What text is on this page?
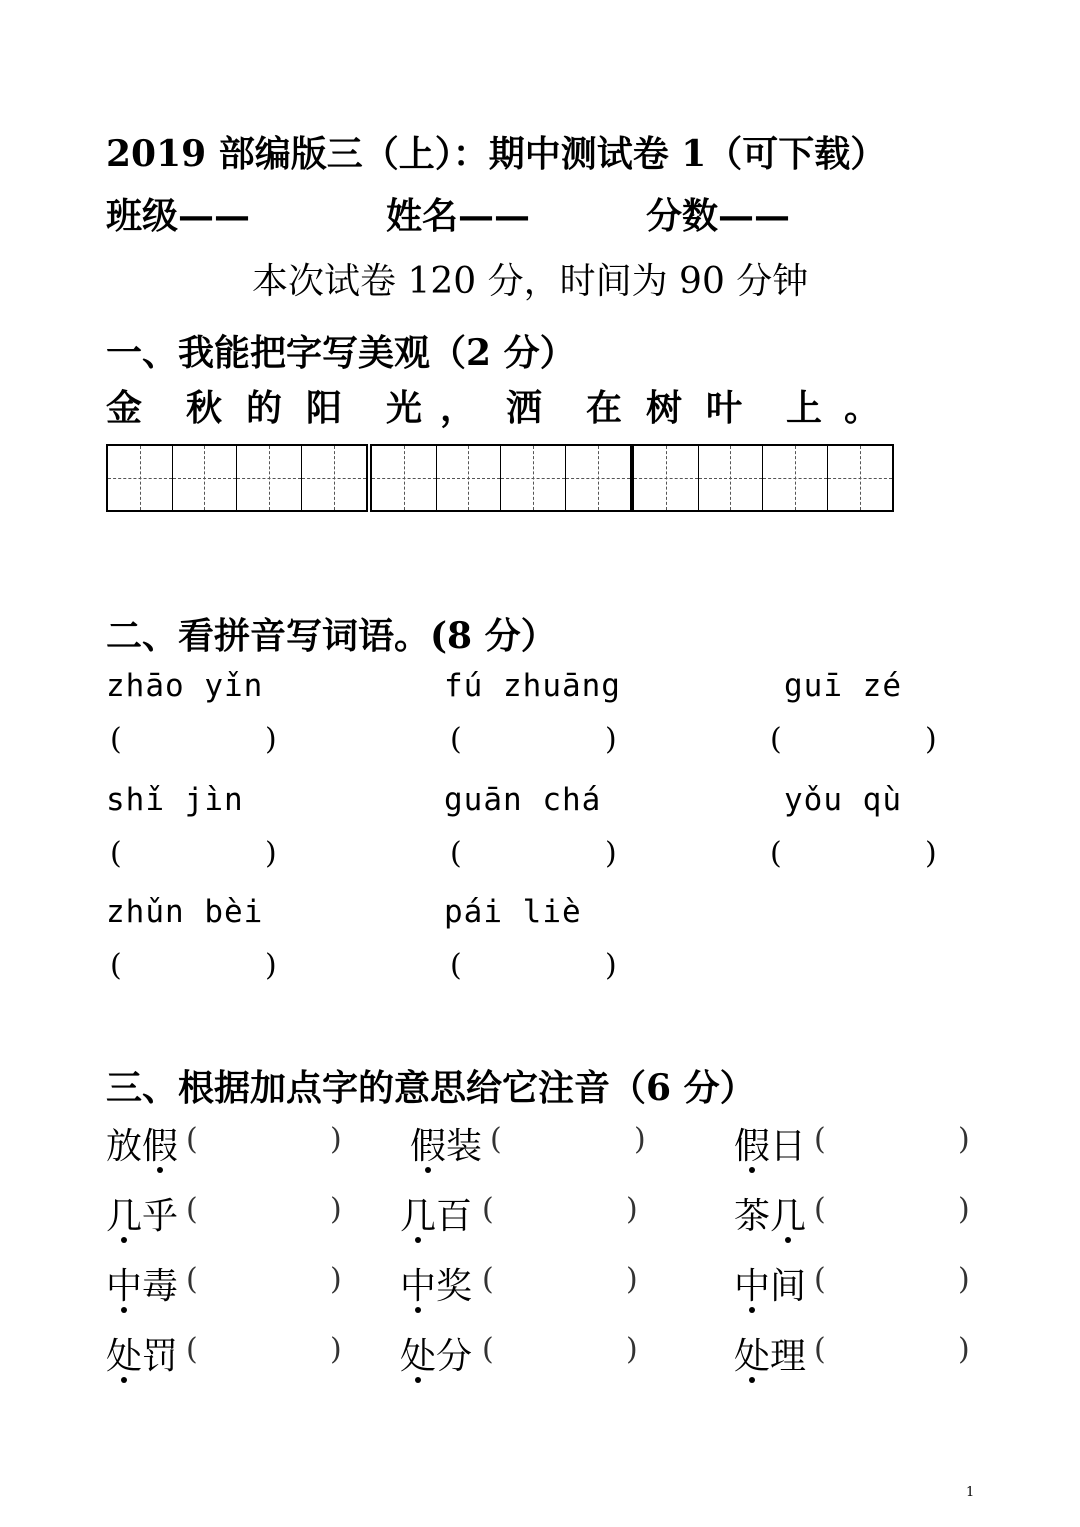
2019 部编版三（上）：期中测试卷 1（可下载）
班级——	姓名——	分数——
本次试卷 120 分，时间为 90 分钟
一、我能把字写美观（2 分）
金 秋 的 阳 光 ， 洒 在 树 叶 上 。
二、看拼音写词语。(8 分）
zhāo yǐn	fú zhuāng	guī zé
(	)	(	)	(	)
shǐ jìn	guān chá	yǒu qù
(	)	(	)	(	)
zhǔn bèi	pái liè
(	)	(	)
三、根据加点字的意思给它注音（6 分）
放假	假装	假日
(	)	(	)	(	)
几乎	几百	茶几
(	)	(	)	(	)
中毒	中奖	中间
(	)	(	)	(	)
处罚	处分	处理
(	)	(	)	(	)
1
